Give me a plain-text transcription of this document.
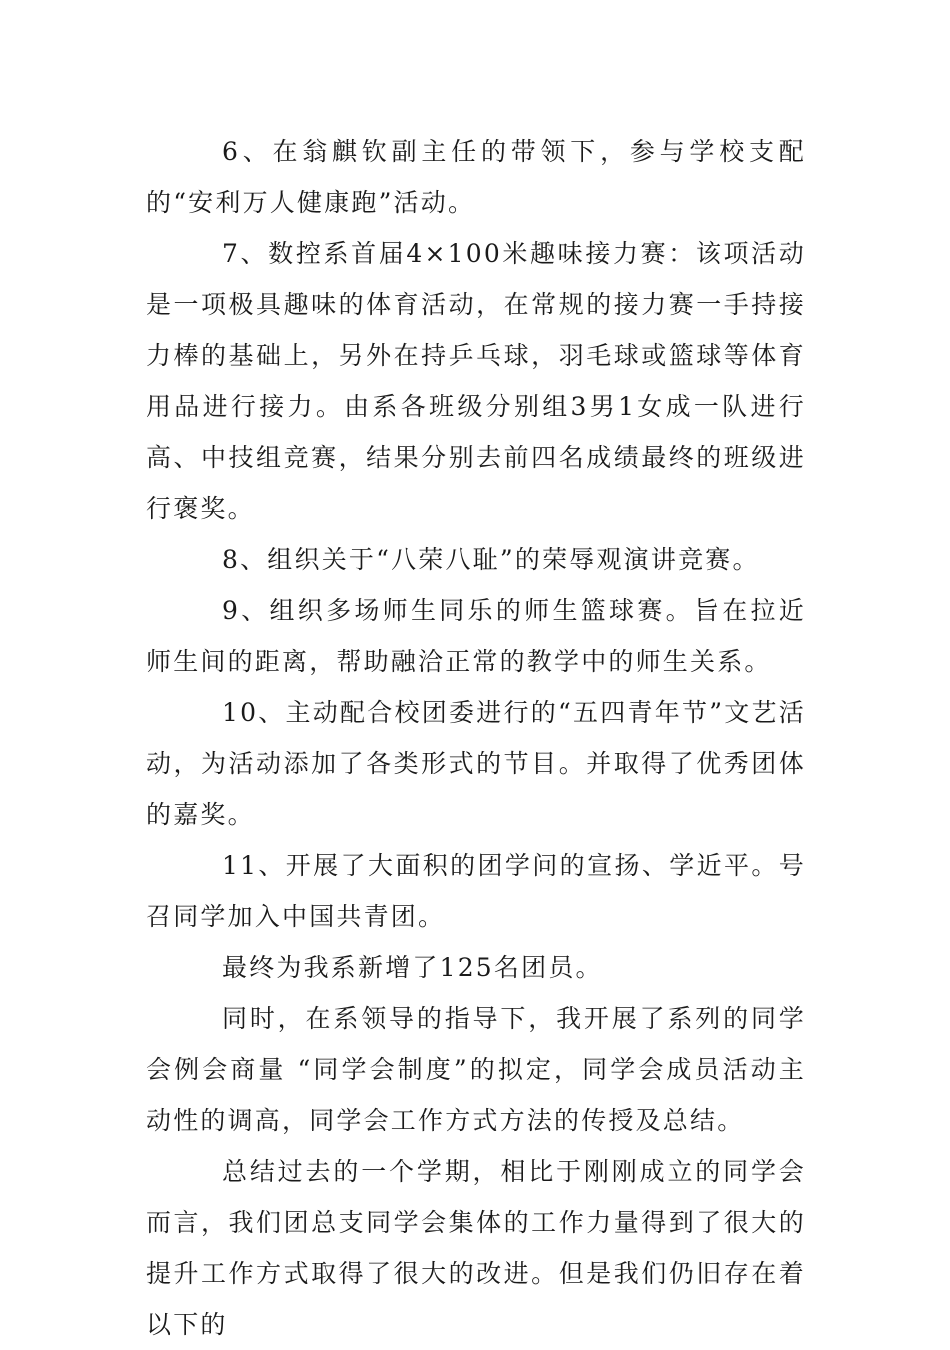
6、在翁麒钦副主任的带领下，参与学校支配的“安利万人健康跑”活动。

7、数控系首届4×100米趣味接力赛：该项活动是一项极具趣味的体育活动，在常规的接力赛一手持接力棒的基础上，另外在持乒乓球，羽毛球或篮球等体育用品进行接力。由系各班级分别组3男1女成一队进行高、中技组竞赛，结果分别去前四名成绩最终的班级进行褒奖。

8、组织关于“八荣八耻”的荣辱观演讲竞赛。

9、组织多场师生同乐的师生篮球赛。旨在拉近师生间的距离，帮助融洽正常的教学中的师生关系。

10、主动配合校团委进行的“五四青年节”文艺活动，为活动添加了各类形式的节目。并取得了优秀团体的嘉奖。

11、开展了大面积的团学问的宣扬、学近平。号召同学加入中国共青团。

最终为我系新增了125名团员。

同时，在系领导的指导下，我开展了系列的同学会例会商量 “同学会制度”的拟定，同学会成员活动主动性的调高，同学会工作方式方法的传授及总结。

总结过去的一个学期，相比于刚刚成立的同学会而言，我们团总支同学会集体的工作力量得到了很大的提升工作方式取得了很大的改进。但是我们仍旧存在着以下的
